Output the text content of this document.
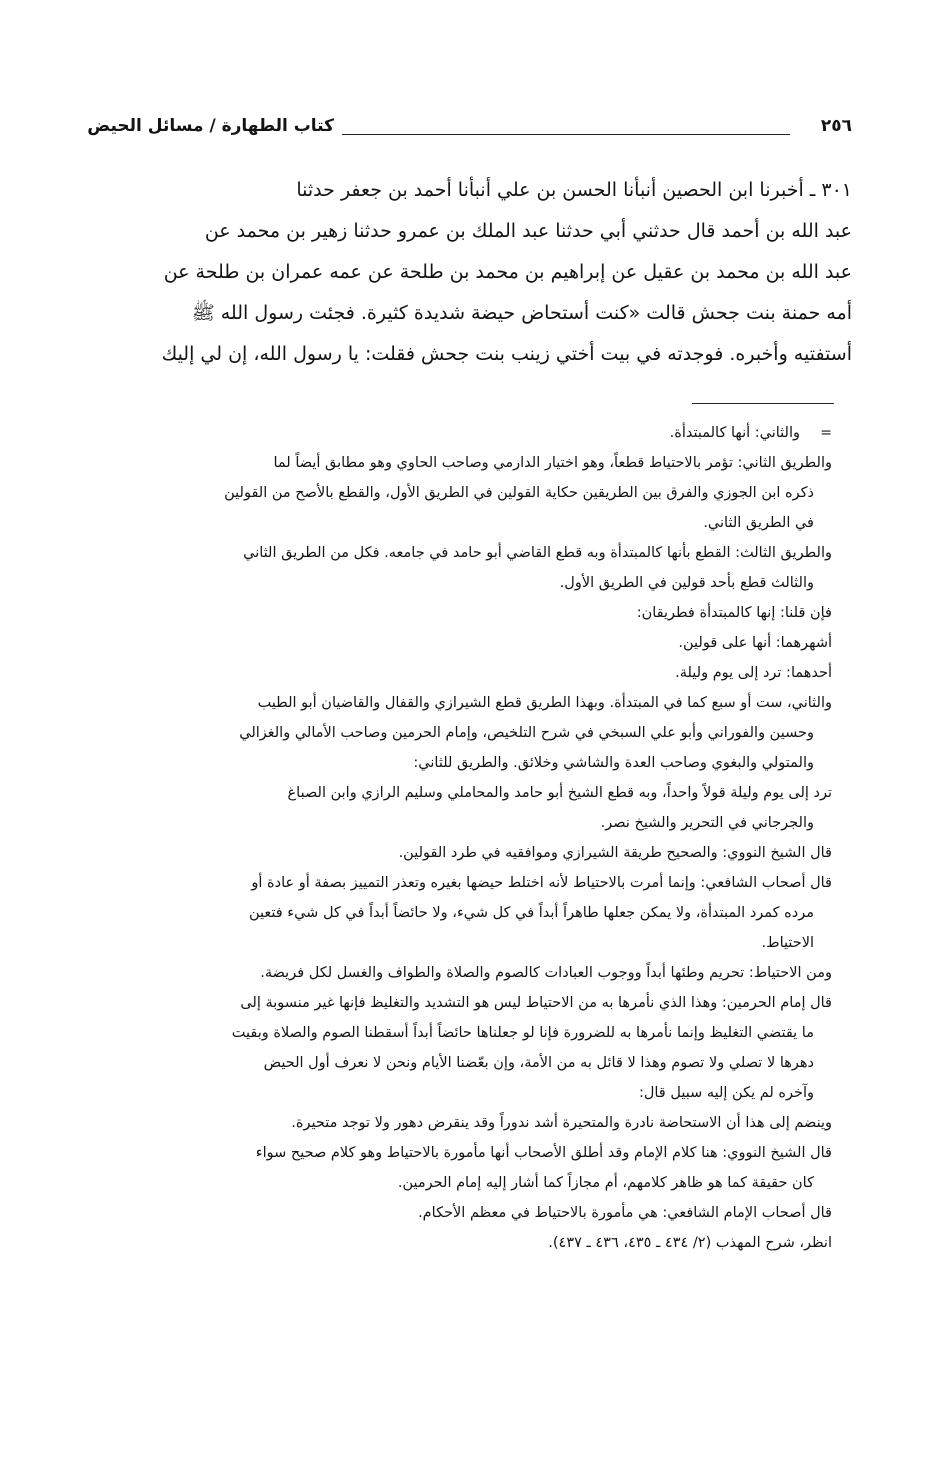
٢٥٦
كتاب الطهارة / مسائل الحيض
٣٠١ ـ أخبرنا ابن الحصين أنبأنا الحسن بن علي أنبأنا أحمد بن جعفر حدثنا
عبد الله بن أحمد قال حدثني أبي حدثنا عبد الملك بن عمرو حدثنا زهير بن محمد عن
عبد الله بن محمد بن عقيل عن إبراهيم بن محمد بن طلحة عن عمه عمران بن طلحة عن
أمه حمنة بنت جحش قالت «كنت أستحاض حيضة شديدة كثيرة. فجئت رسول الله ﷺ
أستفتيه وأخبره. فوجدته في بيت أختي زينب بنت جحش فقلت: يا رسول الله، إن لي إليك
=
والثاني: أنها كالمبتدأة.
والطريق الثاني: تؤمر بالاحتياط قطعاً، وهو اختيار الدارمي وصاحب الحاوي وهو مطابق أيضاً لما
ذكره ابن الجوزي والفرق بين الطريقين حكاية القولين في الطريق الأول، والقطع بالأصح من القولين
في الطريق الثاني.
والطريق الثالث: القطع بأنها كالمبتدأة وبه قطع القاضي أبو حامد في جامعه. فكل من الطريق الثاني
والثالث قطع بأحد قولين في الطريق الأول.
فإن قلنا: إنها كالمبتدأة فطريقان:
أشهرهما: أنها على قولين.
أحدهما: ترد إلى يوم وليلة.
والثاني، ست أو سبع كما في المبتدأة. وبهذا الطريق قطع الشيرازي والقفال والقاضيان أبو الطيب
وحسين والفوراني وأبو علي السبخي في شرح التلخيص، وإمام الحرمين وصاحب الأمالي والغزالي
والمتولي والبغوي وصاحب العدة والشاشي وخلائق. والطريق للثاني:
ترد إلى يوم وليلة قولاً واحداً، وبه قطع الشيخ أبو حامد والمحاملي وسليم الرازي وابن الصباغ
والجرجاني في التحرير والشيخ نصر.
قال الشيخ النووي: والصحيح طريقة الشيرازي وموافقيه في طرد القولين.
قال أصحاب الشافعي: وإنما أمرت بالاحتياط لأنه اختلط حيضها بغيره وتعذر التمييز بصفة أو عادة أو
مرده كمرد المبتدأة، ولا يمكن جعلها طاهراً أبداً في كل شيء، ولا حائضاً أبداً في كل شيء فتعين
الاحتياط.
ومن الاحتياط: تحريم وطئها أبداً ووجوب العبادات كالصوم والصلاة والطواف والغسل لكل فريضة.
قال إمام الحرمين: وهذا الذي نأمرها به من الاحتياط ليس هو التشديد والتغليظ فإنها غير منسوبة إلى
ما يقتضي التغليظ وإنما نأمرها به للضرورة فإنا لو جعلناها حائضاً أبداً أسقطنا الصوم والصلاة وبقيت
دهرها لا تصلي ولا تصوم وهذا لا قائل به من الأمة، وإن بعّضنا الأيام ونحن لا نعرف أول الحيض
وآخره لم يكن إليه سبيل قال:
وينضم إلى هذا أن الاستحاضة نادرة والمتحيرة أشد ندوراً وقد ينقرض دهور ولا توجد متحيرة.
قال الشيخ النووي: هنا كلام الإمام وقد أطلق الأصحاب أنها مأمورة بالاحتياط وهو كلام صحيح سواء
كان حقيقة كما هو ظاهر كلامهم، أم مجازاً كما أشار إليه إمام الحرمين.
قال أصحاب الإمام الشافعي: هي مأمورة بالاحتياط في معظم الأحكام.
انظر، شرح المهذب (٢/ ٤٣٤ ـ ٤٣٥، ٤٣٦ ـ ٤٣٧).
